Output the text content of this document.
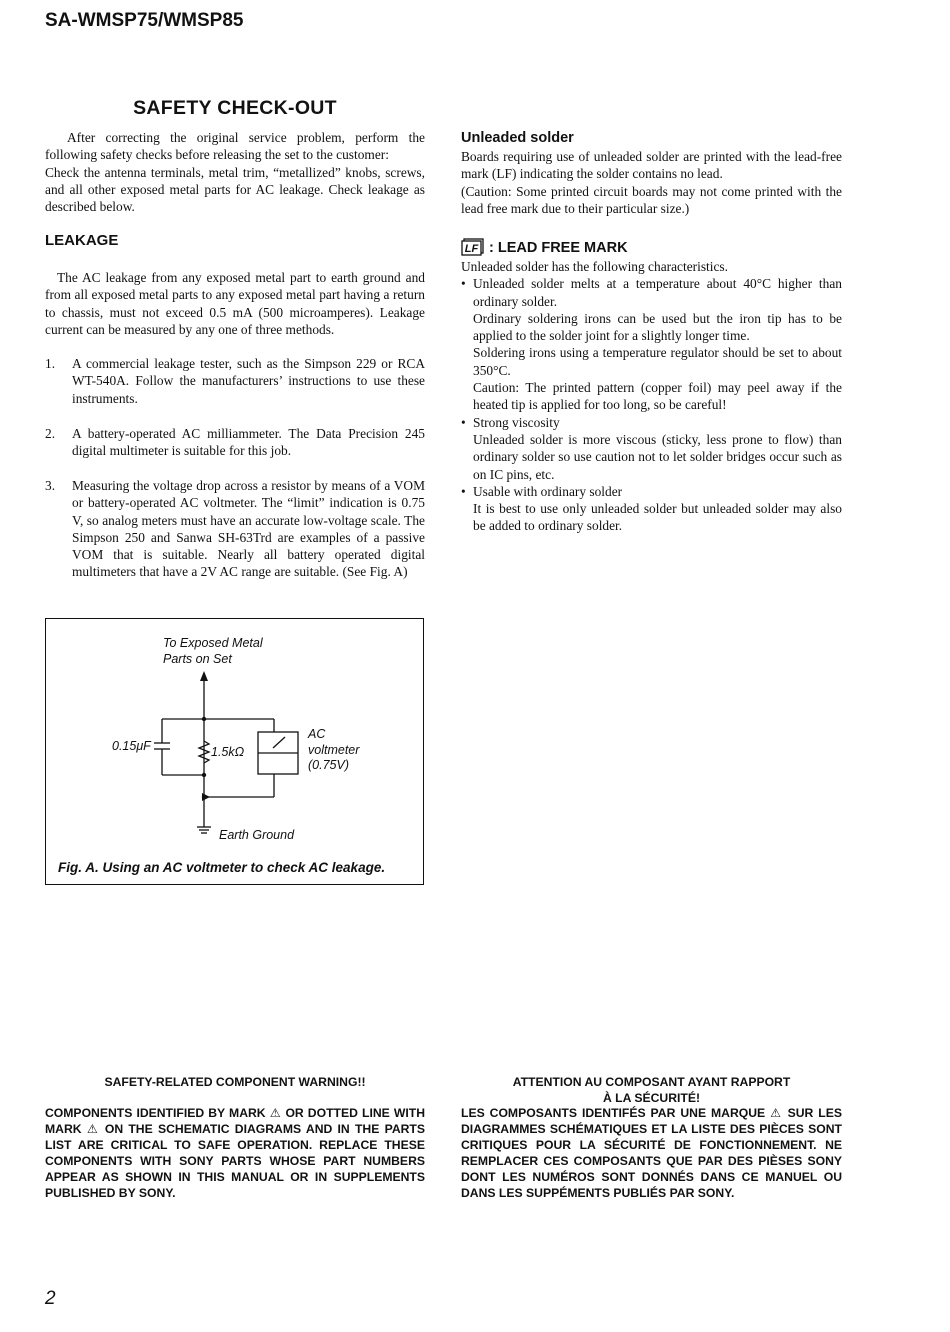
SA-WMSP75/WMSP85
SAFETY CHECK-OUT

After correcting the original service problem, perform the following safety checks before releasing the set to the customer:

Check the antenna terminals, metal trim, “metallized” knobs, screws, and all other exposed metal parts for AC leakage. Check leakage as described below.

LEAKAGE
The AC leakage from any exposed metal part to earth ground and from all exposed metal parts to any exposed metal part having a return to chassis, must not exceed 0.5 mA (500 microamperes). Leakage current can be measured by any one of three methods.
1.	A commercial leakage tester, such as the Simpson 229 or RCA WT-540A. Follow the manufacturers’ instructions to use these instruments.
2.	A battery-operated AC milliammeter. The Data Precision 245 digital multimeter is suitable for this job.
3.	Measuring the voltage drop across a resistor by means of a VOM or battery-operated AC voltmeter. The “limit” indication is 0.75 V, so analog meters must have an accurate low-voltage scale. The Simpson 250 and Sanwa SH-63Trd are examples of a passive VOM that is suitable. Nearly all battery operated digital multimeters that have a 2V AC range are suitable. (See Fig. A)
To Exposed Metal
Parts on Set
0.15μF	1.5kΩ
AC
voltmeter
(0.75V)
Earth Ground
Fig. A. Using an AC voltmeter to check AC leakage.
Unleaded solder

Boards requiring use of unleaded solder are printed with the lead-free mark (LF) indicating the solder contains no lead.

(Caution: Some printed circuit boards may not come printed with the lead free mark due to their particular size.)

LF : LEAD FREE MARK

Unleaded solder has the following characteristics.

• Unleaded solder melts at a temperature about 40°C higher than ordinary solder.

Ordinary soldering irons can be used but the iron tip has to be applied to the solder joint for a slightly longer time.

Soldering irons using a temperature regulator should be set to about 350°C.

Caution: The printed pattern (copper foil) may peel away if the heated tip is applied for too long, so be careful!

• Strong viscosity

Unleaded solder is more viscous (sticky, less prone to flow) than ordinary solder so use caution not to let solder bridges occur such as on IC pins, etc.

• Usable with ordinary solder

It is best to use only unleaded solder but unleaded solder may also be added to ordinary solder.

SAFETY-RELATED COMPONENT WARNING!!
COMPONENTS IDENTIFIED BY MARK ⚠ OR DOTTED LINE WITH MARK ⚠ ON THE SCHEMATIC DIAGRAMS AND IN THE PARTS LIST ARE CRITICAL TO SAFE OPERATION. REPLACE THESE COMPONENTS WITH SONY PARTS WHOSE PART NUMBERS APPEAR AS SHOWN IN THIS MANUAL OR IN SUPPLEMENTS PUBLISHED BY SONY.
ATTENTION AU COMPOSANT AYANT RAPPORT
À LA SÉCURITÉ!
LES COMPOSANTS IDENTIFÉS PAR UNE MARQUE ⚠ SUR LES DIAGRAMMES SCHÉMATIQUES ET LA LISTE DES PIÈCES SONT CRITIQUES POUR LA SÉCURITÉ DE FONCTIONNEMENT. NE REMPLACER CES COMPOSANTS QUE PAR DES PIÈSES SONY DONT LES NUMÉROS SONT DONNÉS DANS CE MANUEL OU DANS LES SUPPÉMENTS PUBLIÉS PAR SONY.
2
